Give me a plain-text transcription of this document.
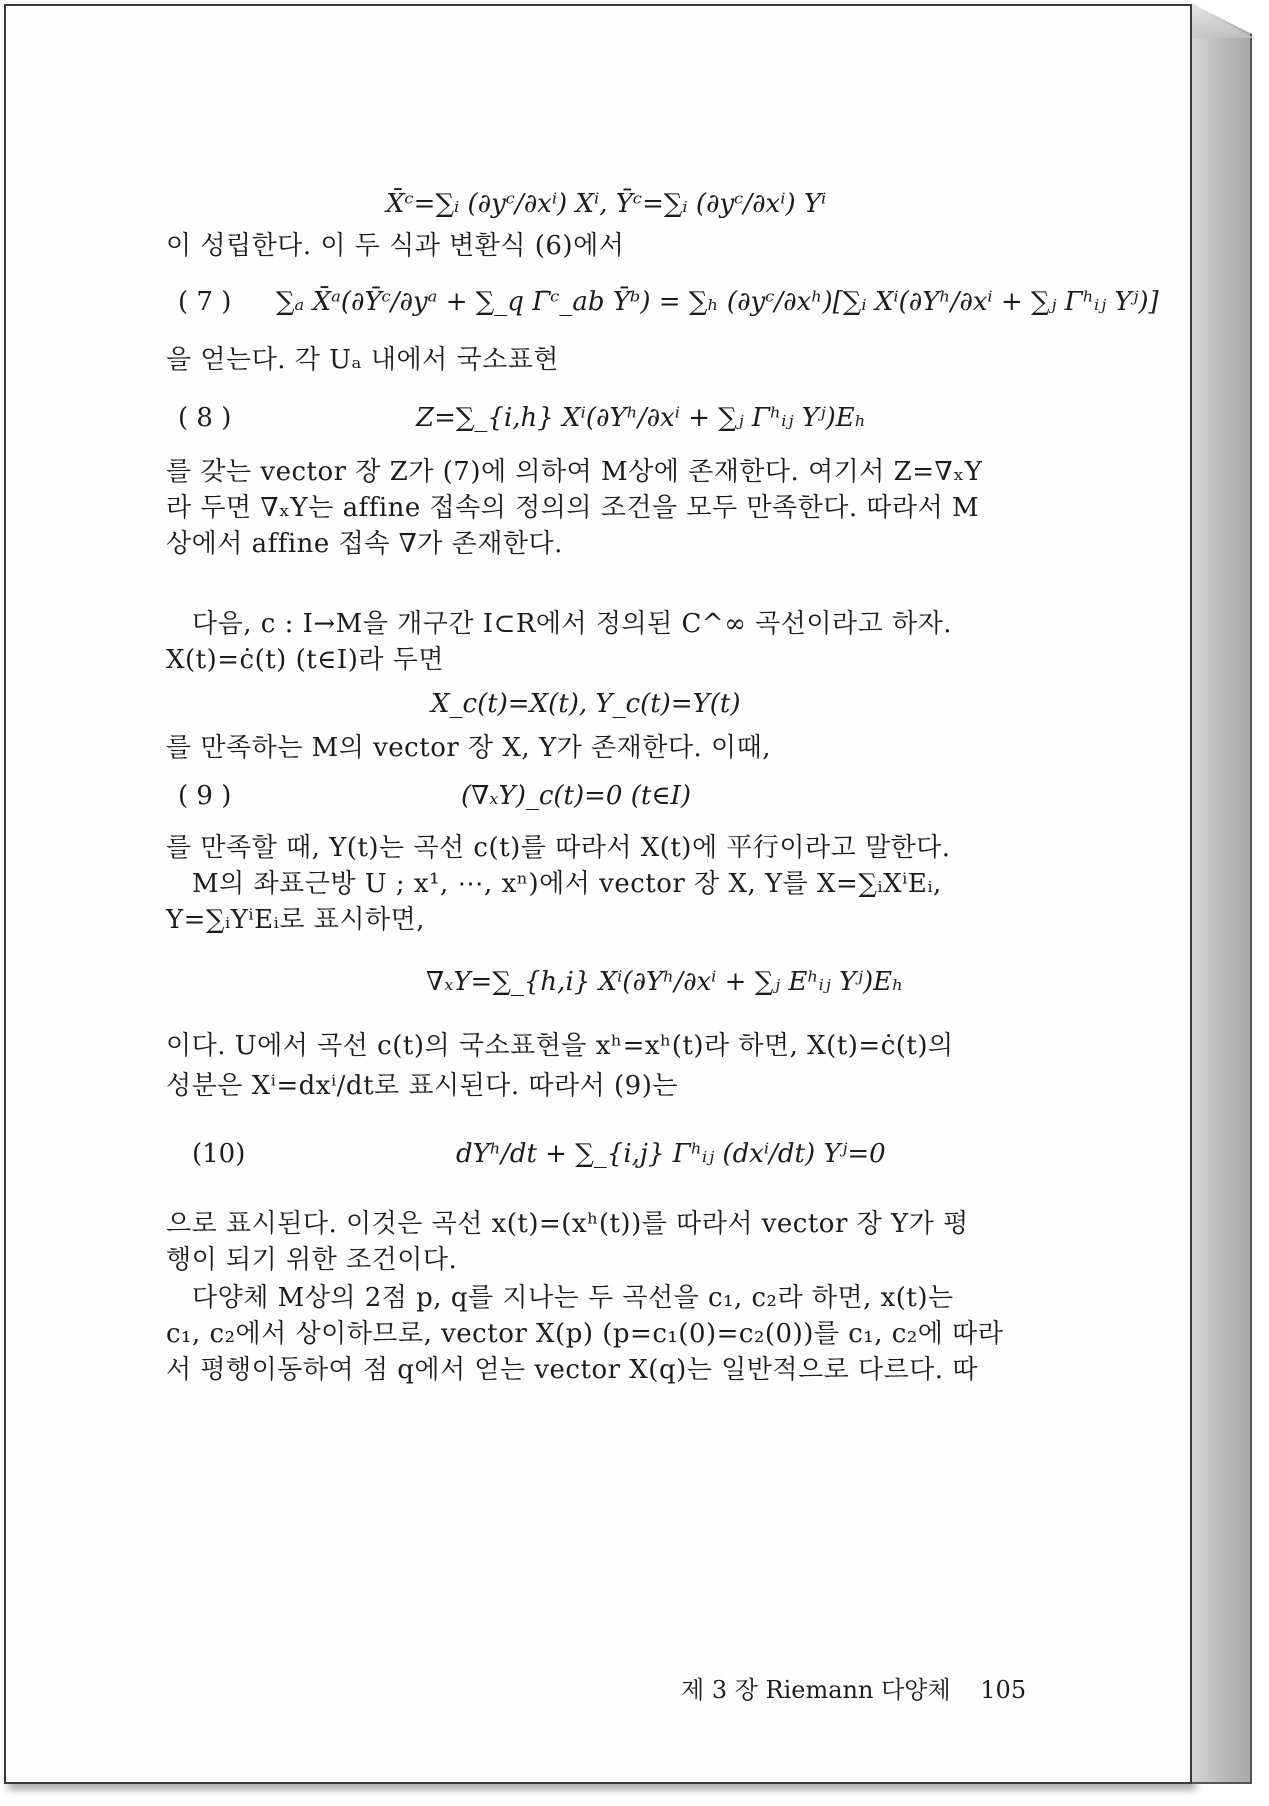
X̄ᶜ=∑ᵢ (∂yᶜ/∂xⁱ) Xⁱ, Ȳᶜ=∑ᵢ (∂yᶜ/∂xⁱ) Yⁱ
이 성립한다. 이 두 식과 변환식 (6)에서
( 7 ) ∑ₐ X̄ᵃ(∂Ȳᶜ/∂yᵃ + ∑_q Γ̄ᶜ_ab Ȳᵇ) = ∑ₕ (∂yᶜ/∂xʰ)[∑ᵢ Xⁱ(∂Yʰ/∂xⁱ + ∑ⱼ Γʰᵢⱼ Yʲ)]
을 얻는다. 각 Uₐ 내에서 국소표현
( 8 )	Z=∑_{i,h} Xⁱ(∂Yʰ/∂xⁱ + ∑ⱼ Γʰᵢⱼ Yʲ)Eₕ
를 갖는 vector 장 Z가 (7)에 의하여 M상에 존재한다. 여기서 Z=∇ₓY
라 두면 ∇ₓY는 affine 접속의 정의의 조건을 모두 만족한다. 따라서 M
상에서 affine 접속 ∇가 존재한다.
다음, c : I→M을 개구간 I⊂R에서 정의된 C^∞ 곡선이라고 하자.
X(t)=ċ(t) (t∈I)라 두면
X_c(t)=X(t), Y_c(t)=Y(t)
를 만족하는 M의 vector 장 X, Y가 존재한다. 이때,
( 9 )	(∇ₓY)_c(t)=0 (t∈I)
를 만족할 때, Y(t)는 곡선 c(t)를 따라서 X(t)에 平行이라고 말한다.
M의 좌표근방 U ; x¹, ⋯, xⁿ)에서 vector 장 X, Y를 X=∑ᵢXⁱEᵢ,
Y=∑ᵢYⁱEᵢ로 표시하면,
∇ₓY=∑_{h,i} Xⁱ(∂Yʰ/∂xⁱ + ∑ⱼ Eʰᵢⱼ Yʲ)Eₕ
이다. U에서 곡선 c(t)의 국소표현을 xʰ=xʰ(t)라 하면, X(t)=ċ(t)의
성분은 Xⁱ=dxⁱ/dt로 표시된다. 따라서 (9)는
(10)	dYʰ/dt + ∑_{i,j} Γʰᵢⱼ (dxⁱ/dt) Yʲ=0
으로 표시된다. 이것은 곡선 x(t)=(xʰ(t))를 따라서 vector 장 Y가 평
행이 되기 위한 조건이다.
다양체 M상의 2점 p, q를 지나는 두 곡선을 c₁, c₂라 하면, x(t)는
c₁, c₂에서 상이하므로, vector X(p) (p=c₁(0)=c₂(0))를 c₁, c₂에 따라
서 평행이동하여 점 q에서 얻는 vector X(q)는 일반적으로 다르다. 따
제 3 장 Riemann 다양체 105
